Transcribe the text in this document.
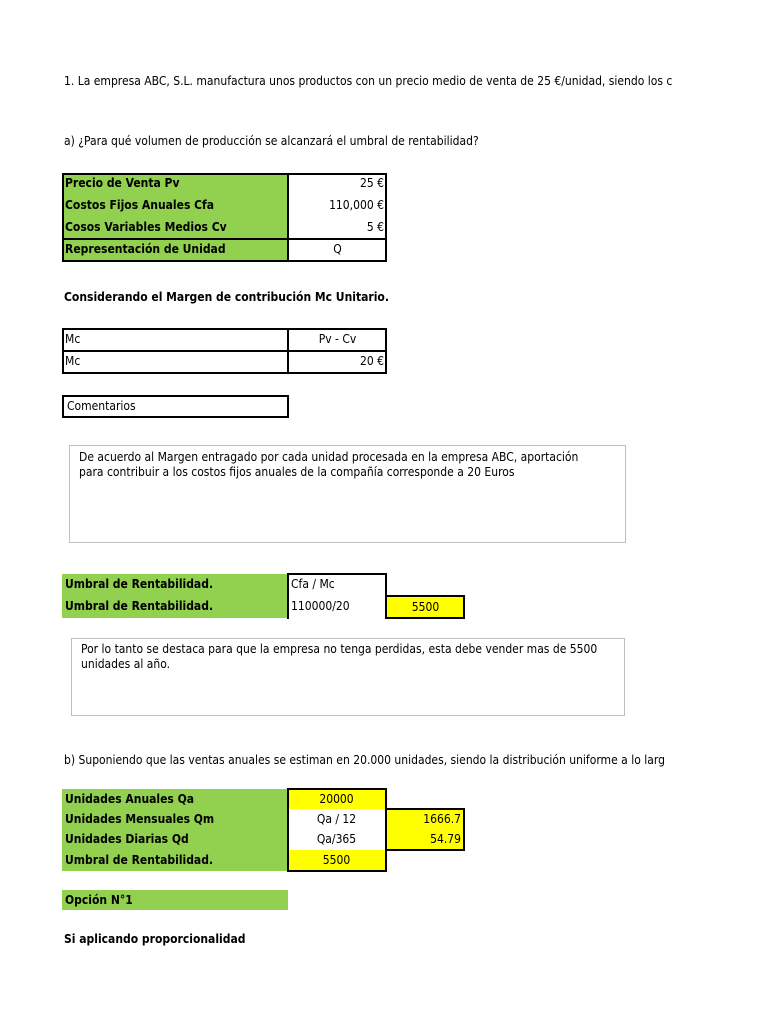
1. La empresa ABC, S.L. manufactura unos productos con un precio medio de venta de 25 €/unidad, siendo los c
a) ¿Para qué volumen de producción se alcanzará el umbral de rentabilidad?
Precio de Venta Pv	25 €
Costos Fijos Anuales Cfa	110,000 €
Cosos Variables Medios Cv	5 €
Representación de Unidad	Q
Considerando el Margen de contribución Mc Unitario.
Mc	Pv - Cv
Mc	20 €
Comentarios

De acuerdo al Margen entragado por cada unidad procesada en la empresa ABC, aportación

para contribuir a los costos fijos anuales de la compañía corresponde a 20 Euros

Umbral de Rentabilidad.	Cfa / Mc
Umbral de Rentabilidad.	110000/20	5500

Por lo tanto se destaca para que la empresa no tenga perdidas, esta debe vender mas de 5500

unidades al año.

b) Suponiendo que las ventas anuales se estiman en 20.000 unidades, siendo la distribución uniforme a lo larg
Unidades Anuales Qa	20000
Unidades Mensuales Qm	Qa / 12	1666.7
Unidades Diarias Qd	Qa/365	54.79
Umbral de Rentabilidad.	5500
Opción N°1
Si aplicando proporcionalidad
